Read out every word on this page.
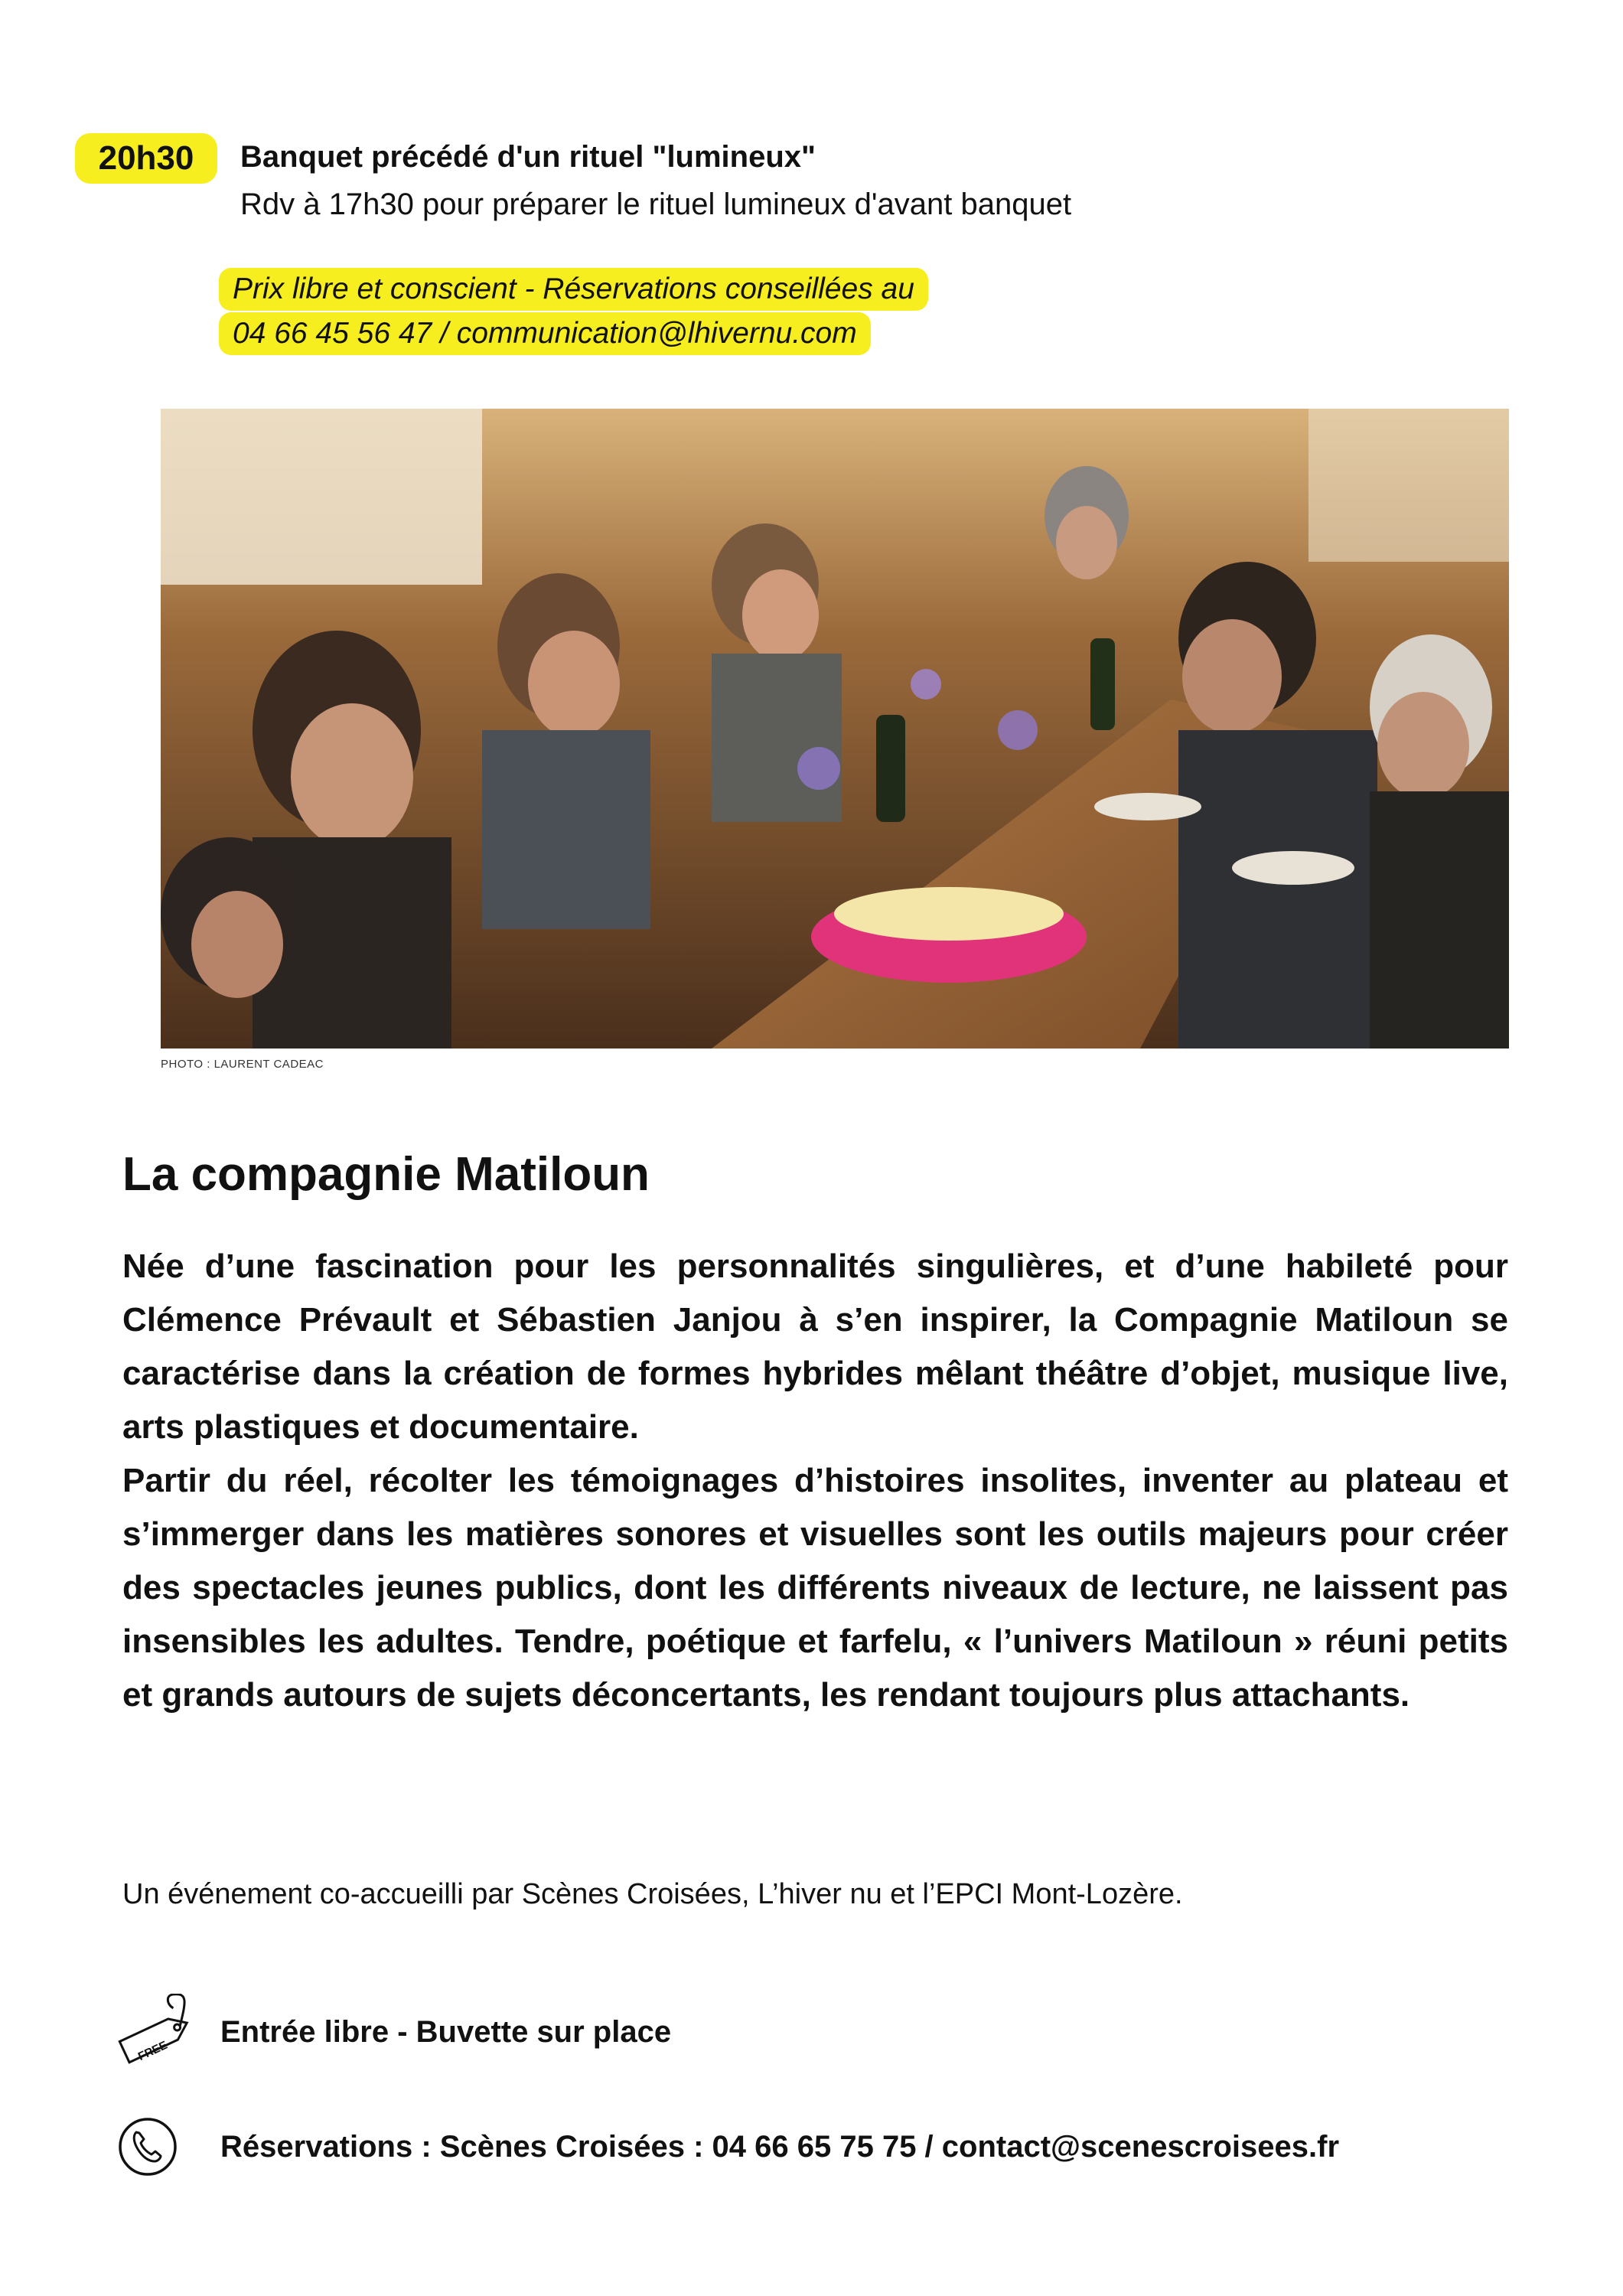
20h30	Banquet précédé d'un rituel "lumineux"
Rdv à 17h30 pour préparer le rituel lumineux d'avant banquet
Prix libre et conscient - Réservations conseillées au
04 66 45 56 47 / communication@lhivernu.com
PHOTO : LAURENT CADEAC
La compagnie Matiloun

Née d’une fascination pour les personnalités singulières, et d’une habileté pour Clémence Prévault et Sébastien Janjou à s’en inspirer, la Compagnie Matiloun se caractérise dans la création de formes hybrides mêlant théâtre d’objet, musique live, arts plastiques et documentaire.

Partir du réel, récolter les témoignages d’histoires insolites, inventer au plateau et s’immerger dans les matières sonores et visuelles sont les outils majeurs pour créer des spectacles jeunes publics, dont les différents niveaux de lecture, ne laissent pas insensibles les adultes. Tendre, poétique et farfelu, « l’univers Matiloun » réuni petits et grands autours de sujets déconcertants, les rendant toujours plus attachants.

Un événement co-accueilli par Scènes Croisées, L’hiver nu et l’EPCI Mont-Lozère.
FREE
Entrée libre - Buvette sur place
Réservations : Scènes Croisées : 04 66 65 75 75 / contact@scenescroisees.fr
